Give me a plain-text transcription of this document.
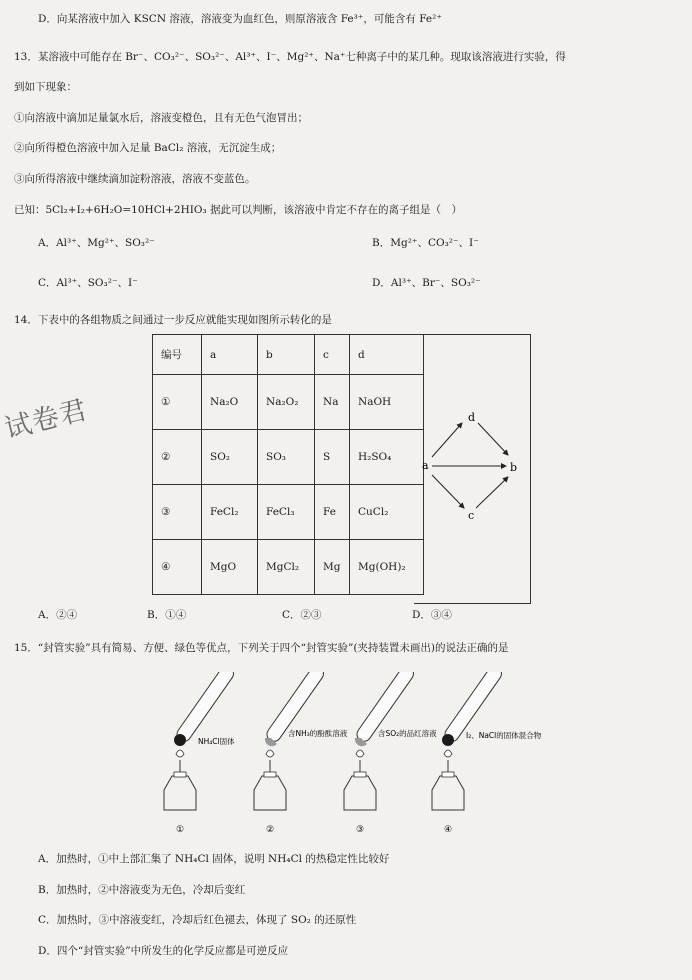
D．向某溶液中加入 KSCN 溶液，溶液变为血红色，则原溶液含 Fe³⁺，可能含有 Fe²⁺
13．某溶液中可能存在 Br⁻、CO₃²⁻、SO₃²⁻、Al³⁺、I⁻、Mg²⁺、Na⁺七种离子中的某几种。现取该溶液进行实验，得
到如下现象：
①向溶液中滴加足量氯水后，溶液变橙色，且有无色气泡冒出；
②向所得橙色溶液中加入足量 BaCl₂ 溶液，无沉淀生成；
③向所得溶液中继续滴加淀粉溶液，溶液不变蓝色。
已知：5Cl₂+I₂+6H₂O=10HCl+2HIO₃ 据此可以判断，该溶液中肯定不存在的离子组是（　）
A．Al³⁺、Mg²⁺、SO₃²⁻	B．Mg²⁺、CO₃²⁻、I⁻
C．Al³⁺、SO₃²⁻、I⁻	D．Al³⁺、Br⁻、SO₃²⁻
14．下表中的各组物质之间通过一步反应就能实现如图所示转化的是
编号	a	b	c	d
①	Na₂O	Na₂O₂	Na	NaOH
②	SO₂	SO₃	S	H₂SO₄
③	FeCl₂	FeCl₃	Fe	CuCl₂
④	MgO	MgCl₂	Mg	Mg(OH)₂
d
a	b
c
A．②④	B．①④	C．②③	D．③④
15．“封管实验”具有简易、方便、绿色等优点，下列关于四个“封管实验”(夹持装置未画出)的说法正确的是
NH₄Cl固体
①
含NH₃的酚酞溶液
②
含SO₂的品红溶液
③
I₂、NaCl的固体混合物
④
A．加热时，①中上部汇集了 NH₄Cl 固体，说明 NH₄Cl 的热稳定性比较好
B．加热时，②中溶液变为无色，冷却后变红
C．加热时，③中溶液变红，冷却后红色褪去，体现了 SO₂ 的还原性
D．四个“封管实验”中所发生的化学反应都是可逆反应
试卷君
